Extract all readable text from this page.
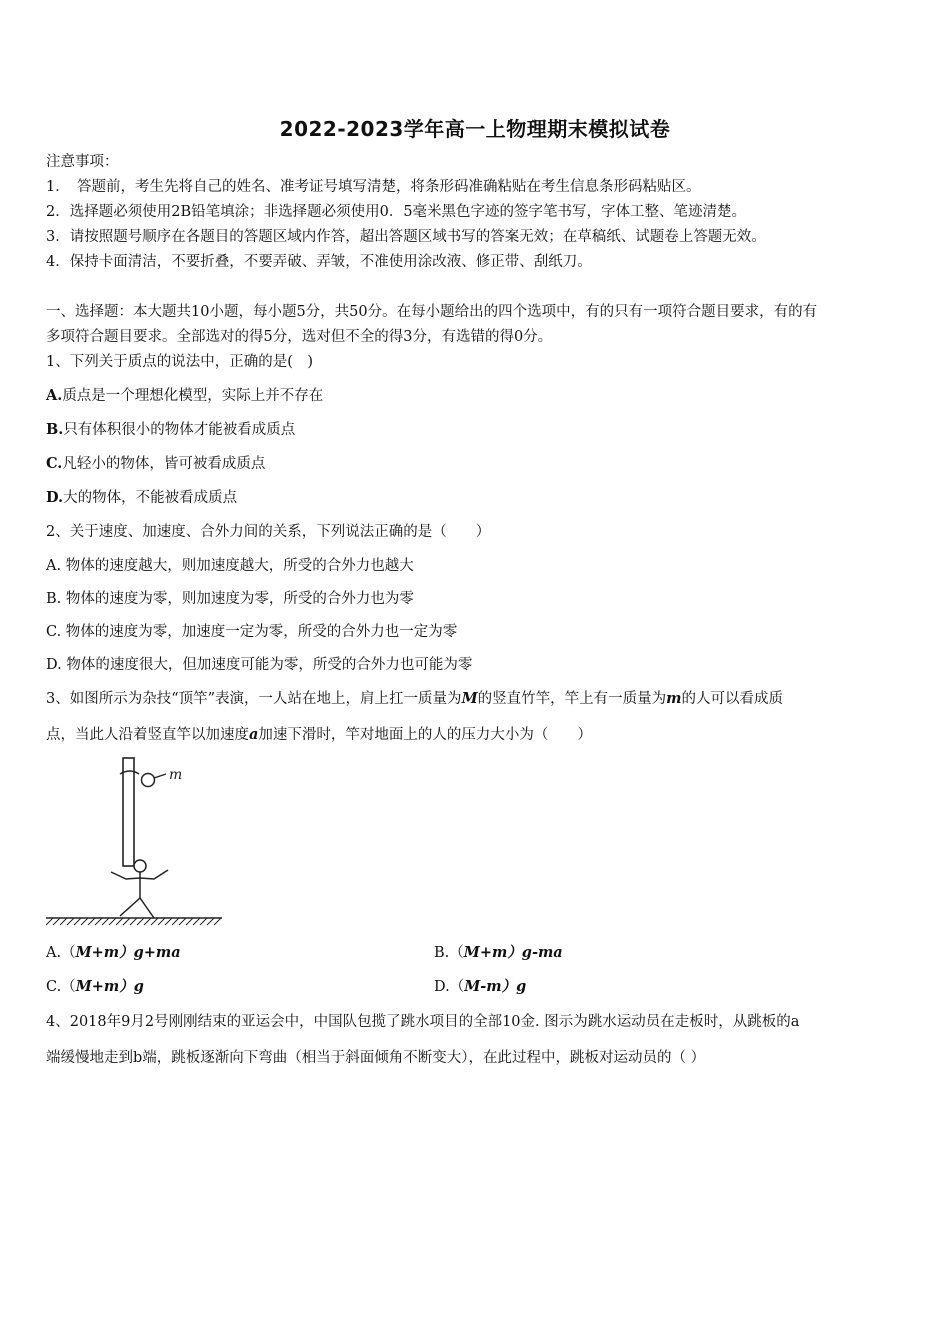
2022-2023学年高一上物理期末模拟试卷
注意事项：
1．　答题前，考生先将自己的姓名、准考证号填写清楚，将条形码准确粘贴在考生信息条形码粘贴区。
2．选择题必须使用2B铅笔填涂；非选择题必须使用0．5毫米黑色字迹的签字笔书写，字体工整、笔迹清楚。
3．请按照题号顺序在各题目的答题区域内作答，超出答题区域书写的答案无效；在草稿纸、试题卷上答题无效。
4．保持卡面清洁，不要折叠，不要弄破、弄皱，不准使用涂改液、修正带、刮纸刀。
一、选择题：本大题共10小题，每小题5分，共50分。在每小题给出的四个选项中，有的只有一项符合题目要求，有的有
多项符合题目要求。全部选对的得5分，选对但不全的得3分，有选错的得0分。
1、下列关于质点的说法中，正确的是(　)
A.质点是一个理想化模型，实际上并不存在
B.只有体积很小的物体才能被看成质点
C.凡轻小的物体，皆可被看成质点
D.大的物体，不能被看成质点
2、关于速度、加速度、合外力间的关系，下列说法正确的是（　　）
A. 物体的速度越大，则加速度越大，所受的合外力也越大
B. 物体的速度为零，则加速度为零，所受的合外力也为零
C. 物体的速度为零，加速度一定为零，所受的合外力也一定为零
D. 物体的速度很大，但加速度可能为零，所受的合外力也可能为零
3、如图所示为杂技“顶竿”表演，一人站在地上，肩上扛一质量为M的竖直竹竿，竿上有一质量为m的人可以看成质
点，当此人沿着竖直竿以加速度a加速下滑时，竿对地面上的人的压力大小为（　　）
m
A.（M+m）g+ma	B.（M+m）g-ma
C.（M+m）g	D.（M-m）g
4、2018年9月2号刚刚结束的亚运会中，中国队包揽了跳水项目的全部10金. 图示为跳水运动员在走板时，从跳板的a
端缓慢地走到b端，跳板逐渐向下弯曲（相当于斜面倾角不断变大），在此过程中，跳板对运动员的（ ）
